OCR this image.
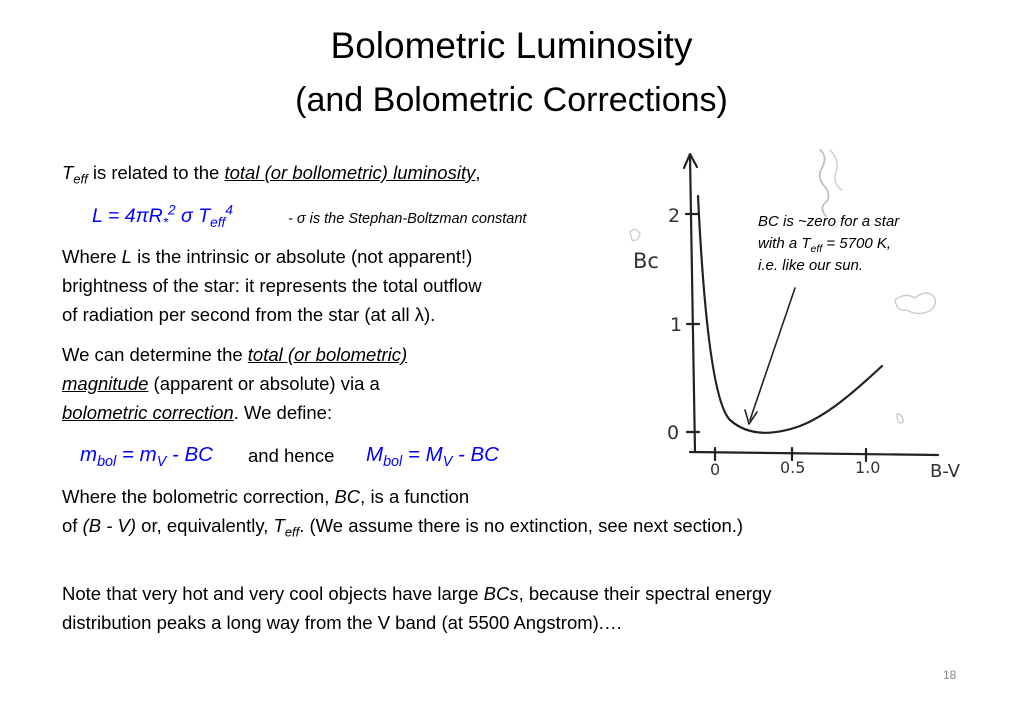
Bolometric Luminosity
(and Bolometric Corrections)
$T_{eff}$ is related to the total (or bollometric) luminosity,
$L = 4\pi R_*^2$ σ $T_{eff}^4$
- σ is the Stephan-Boltzman constant
Where L is the intrinsic or absolute (not apparent!)
brightness of the star: it represents the total outflow
of radiation per second from the star (at all λ).
We can determine the total (or bolometric)
magnitude (apparent or absolute) via a
bolometric correction. We define:
$m_{bol} = m_V$ - BC and hence $M_{bol} = M_V$ - BC
Where the bolometric correction, BC, is a function
of (B - V) or, equivalently, $T_{eff}$. (We assume there is no extinction, see next section.)
Note that very hot and very cool objects have large BCs, because their spectral energy
distribution peaks a long way from the V band (at 5500 Angstrom).…
Bc
2
1
0
0	0.5	1.0	B-V
BC is ~zero for a star
with a $T_{eff} = 5700$ K,
i.e. like our sun.
18
